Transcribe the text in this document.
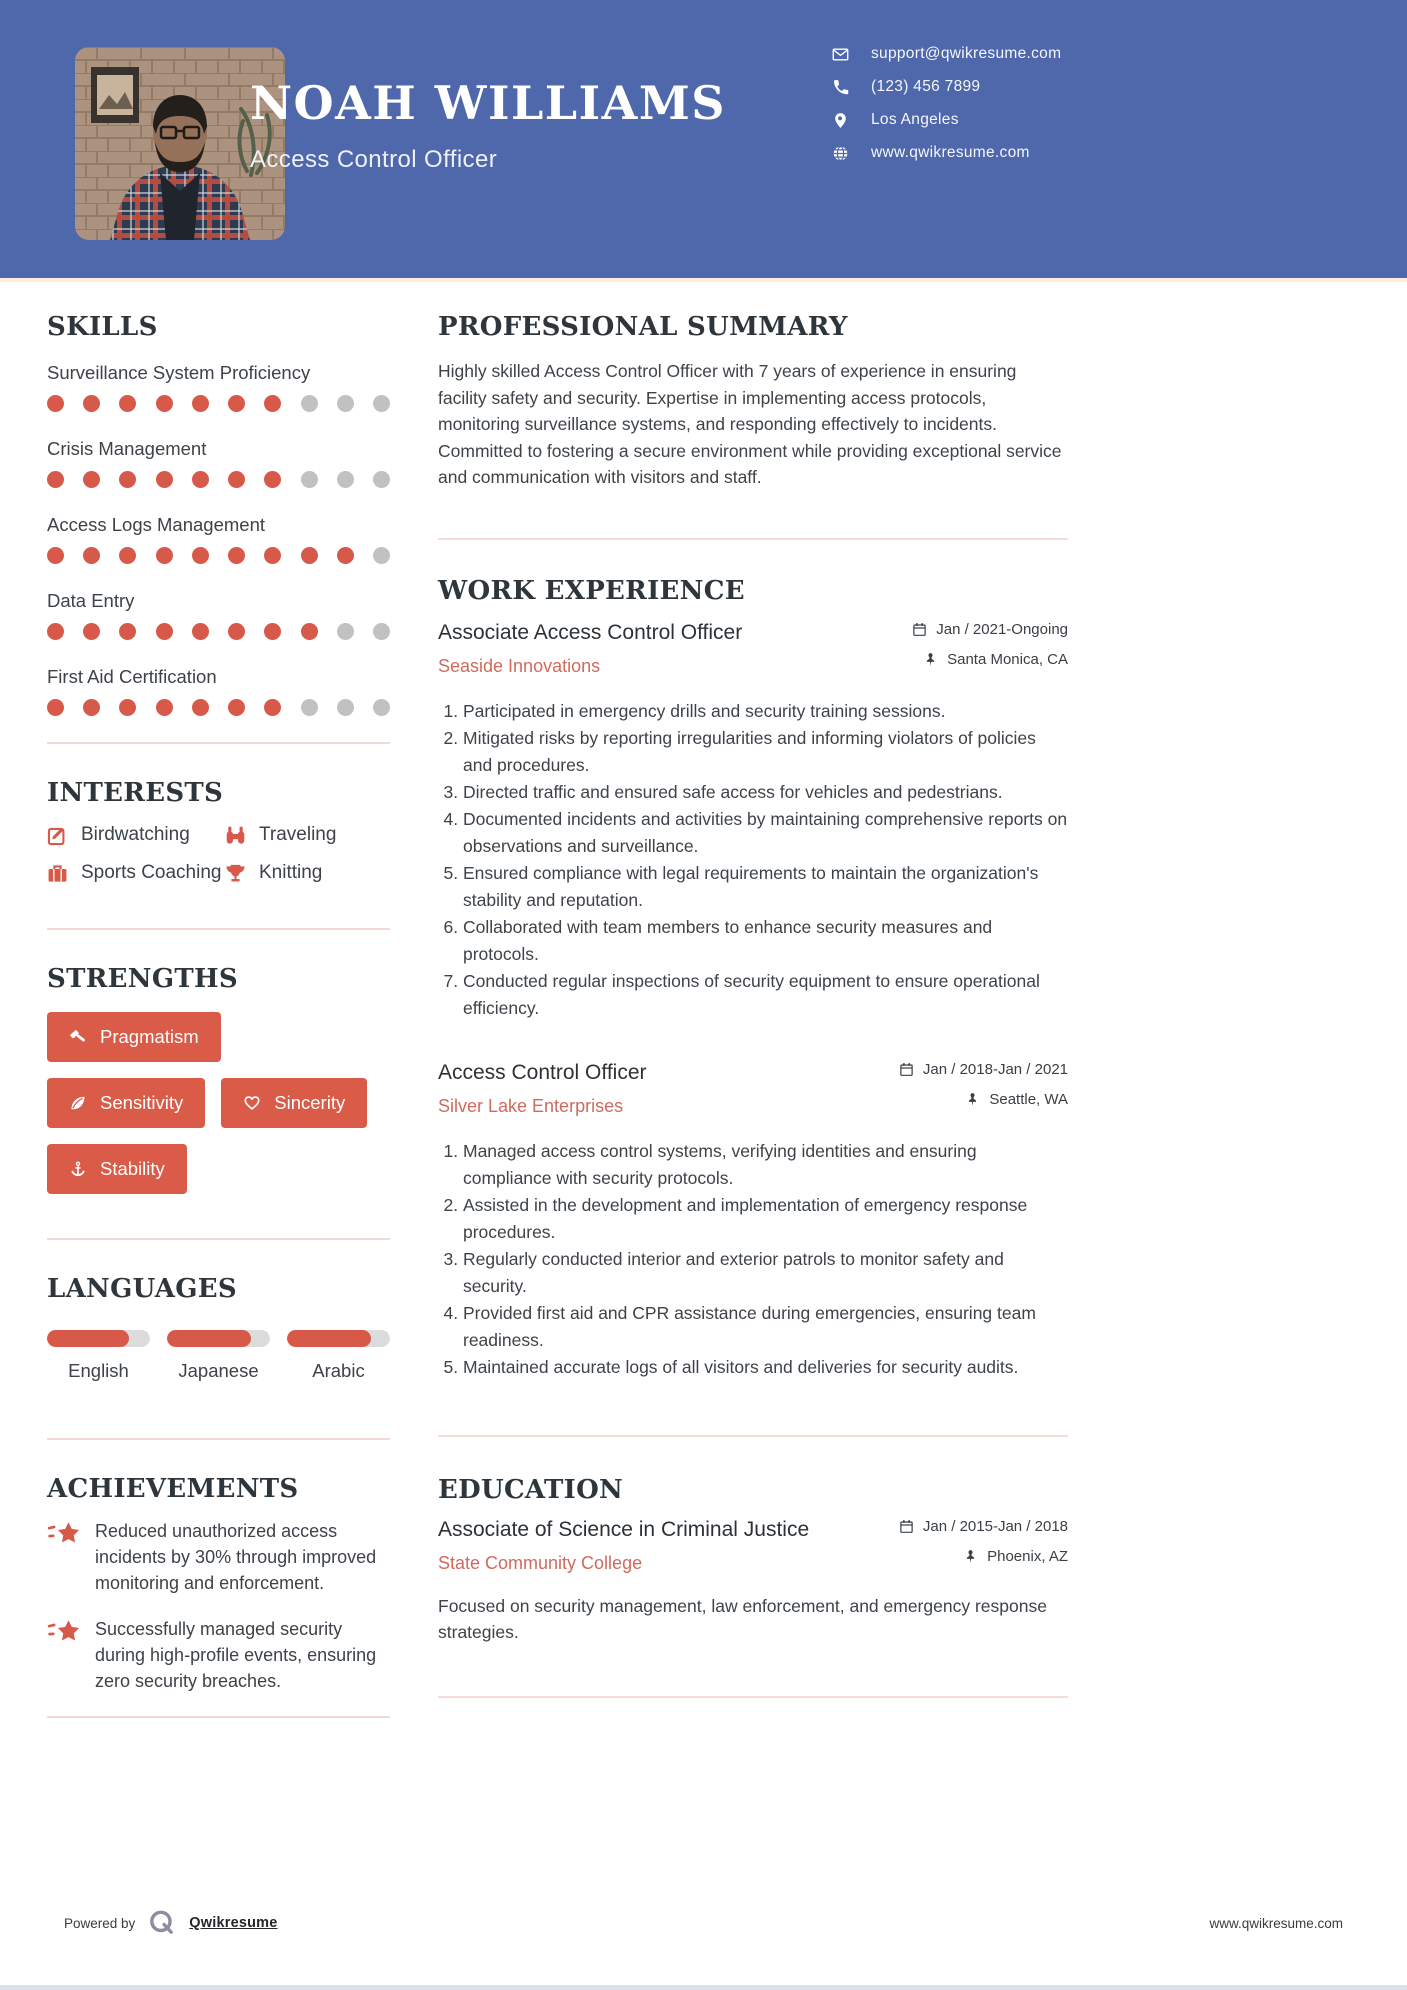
NOAH WILLIAMS
Access Control Officer
support@qwikresume.com
(123) 456 7899
Los Angeles
www.qwikresume.com
SKILLS
Surveillance System Proficiency
Crisis Management
Access Logs Management
Data Entry
First Aid Certification
INTERESTS
Birdwatching	Traveling
Sports Coaching Knitting
STRENGTHS
Pragmatism
Sensitivity	Sincerity
Stability
LANGUAGES
English	Japanese	Arabic
ACHIEVEMENTS
Reduced unauthorized access incidents by 30% through improved monitoring and enforcement.
Successfully managed security during high-profile events, ensuring zero security breaches.
PROFESSIONAL SUMMARY

Highly skilled Access Control Officer with 7 years of experience in ensuring facility safety and security. Expertise in implementing access protocols, monitoring surveillance systems, and responding effectively to incidents. Committed to fostering a secure environment while providing exceptional service and communication with visitors and staff.

WORK EXPERIENCE
Associate Access Control Officer
Seaside Innovations
Jan / 2021-Ongoing
Santa Monica, CA
1. Participated in emergency drills and security training sessions.
2. Mitigated risks by reporting irregularities and informing violators of policies and procedures.
3. Directed traffic and ensured safe access for vehicles and pedestrians.
4. Documented incidents and activities by maintaining comprehensive reports on observations and surveillance.
5. Ensured compliance with legal requirements to maintain the organization's stability and reputation.
6. Collaborated with team members to enhance security measures and protocols.
7. Conducted regular inspections of security equipment to ensure operational efficiency.
Access Control Officer
Silver Lake Enterprises
Jan / 2018-Jan / 2021
Seattle, WA
1. Managed access control systems, verifying identities and ensuring compliance with security protocols.
2. Assisted in the development and implementation of emergency response procedures.
3. Regularly conducted interior and exterior patrols to monitor safety and security.
4. Provided first aid and CPR assistance during emergencies, ensuring team readiness.
5. Maintained accurate logs of all visitors and deliveries for security audits.
EDUCATION
Associate of Science in Criminal Justice
State Community College
Jan / 2015-Jan / 2018
Phoenix, AZ

Focused on security management, law enforcement, and emergency response strategies.

Powered by	Qwikresume	www.qwikresume.com
